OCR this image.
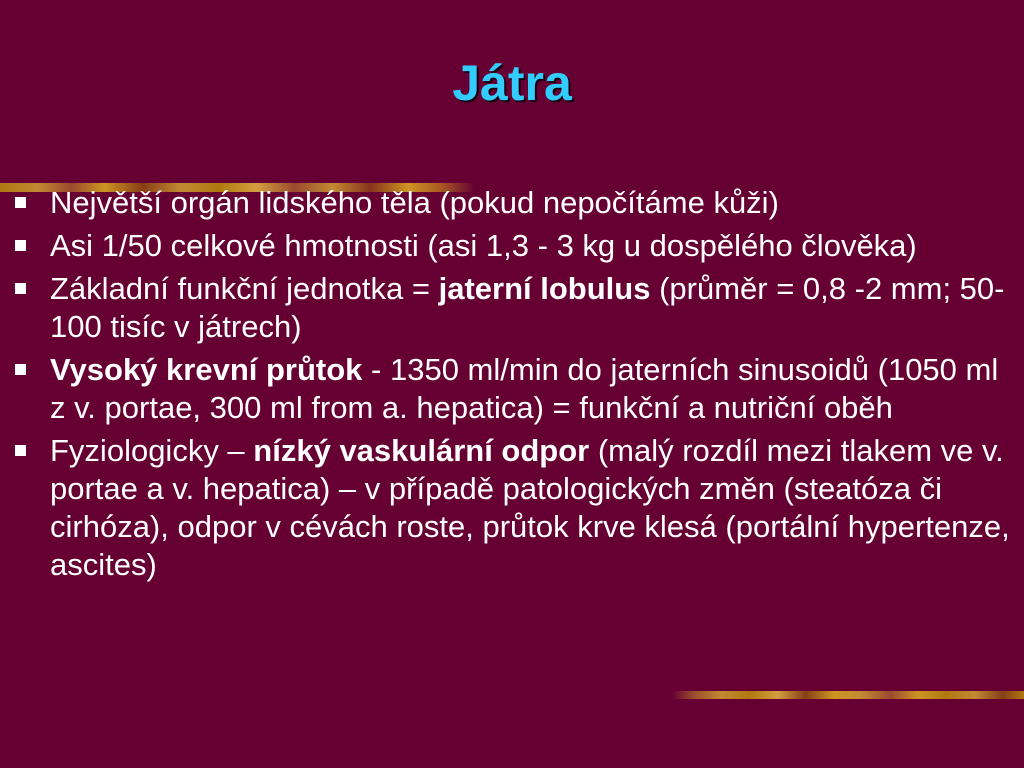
Játra
Největší orgán lidského těla (pokud nepočítáme kůži)
Asi 1/50 celkové hmotnosti (asi 1,3 - 3 kg u dospělého člověka)
Základní funkční jednotka = jaterní lobulus (průměr = 0,8 -2 mm; 50-100 tisíc v játrech)
Vysoký krevní průtok - 1350 ml/min do jaterních sinusoidů (1050 ml z v. portae, 300 ml from a. hepatica) = funkční a nutriční oběh
Fyziologicky – nízký vaskulární odpor (malý rozdíl mezi tlakem ve v. portae a v. hepatica) – v případě patologických změn (steatóza či cirhóza), odpor v cévách roste, průtok krve klesá (portální hypertenze, ascites)
